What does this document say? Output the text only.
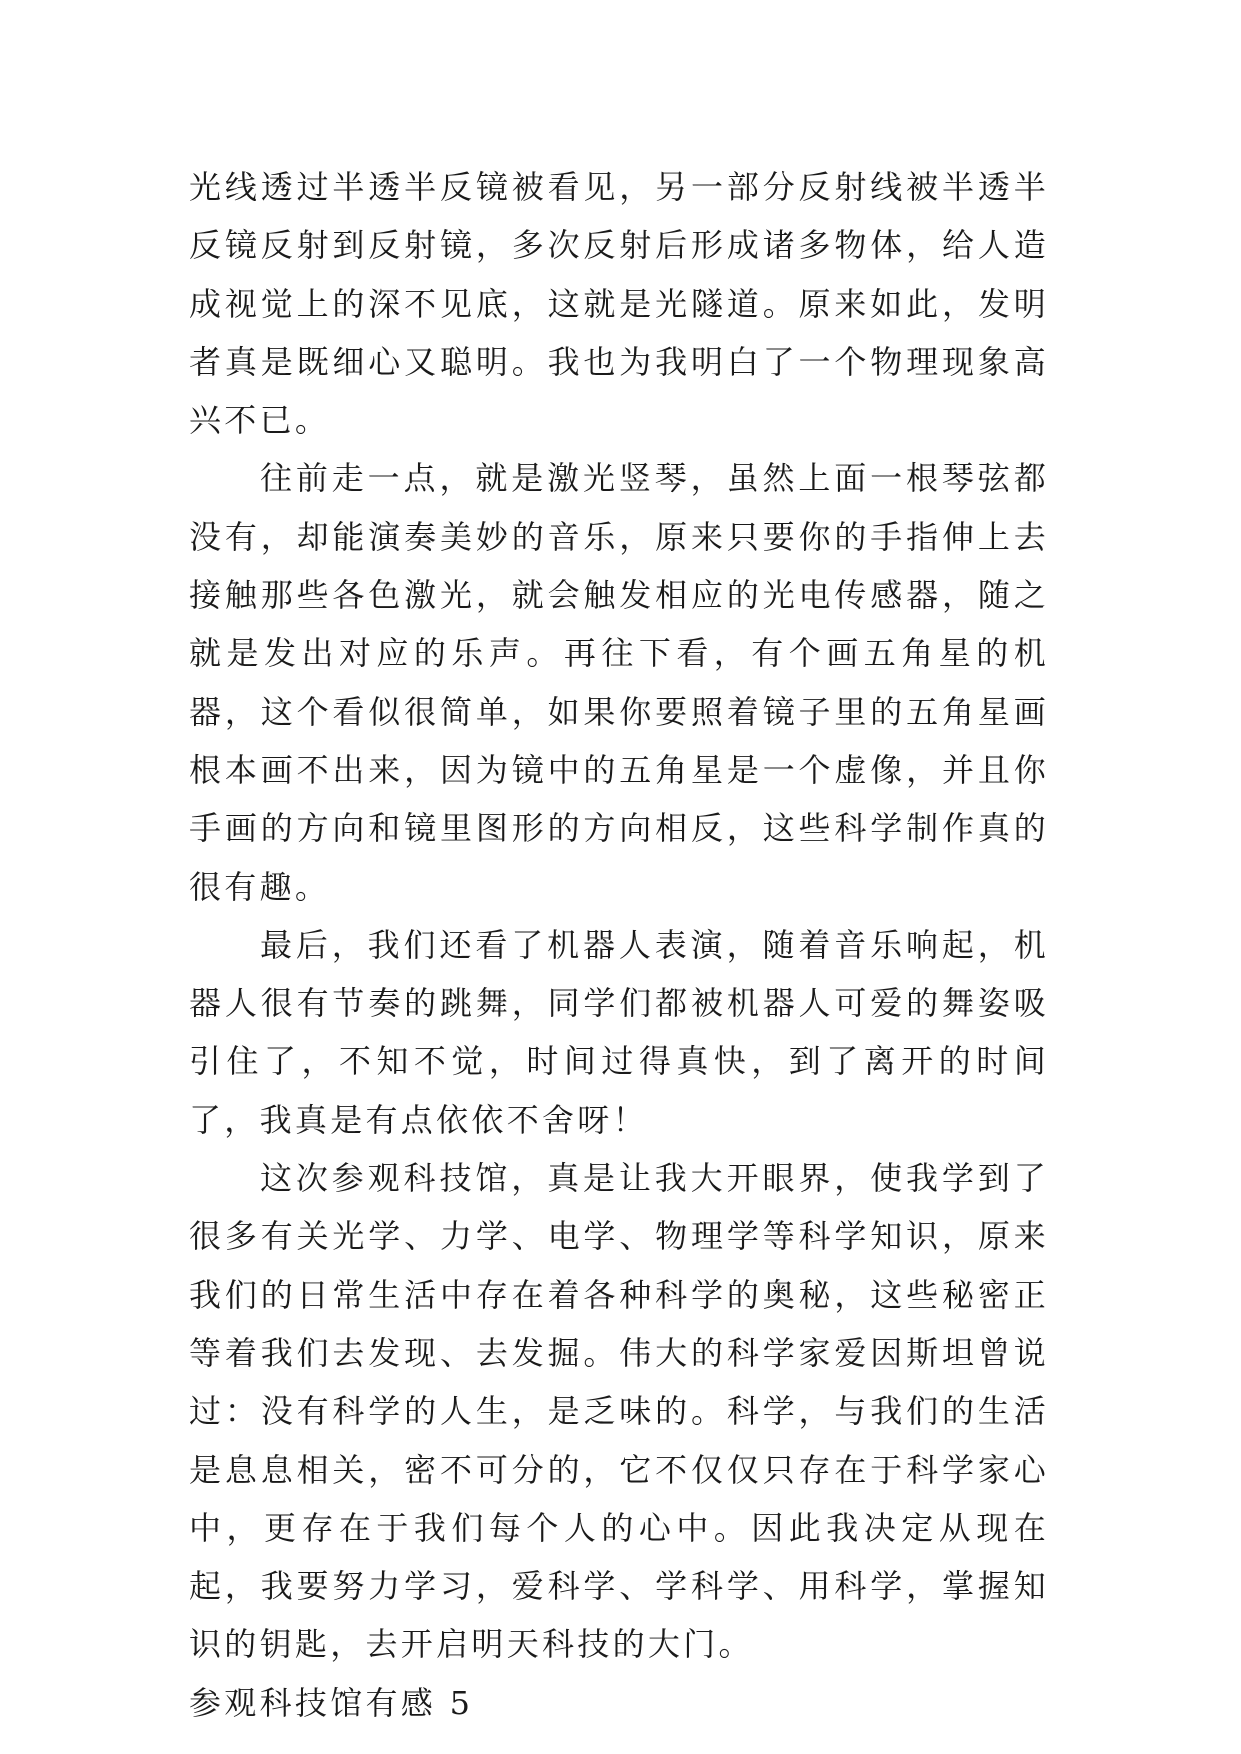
光线透过半透半反镜被看见，另一部分反射线被半透半反镜反射到反射镜，多次反射后形成诸多物体，给人造成视觉上的深不见底，这就是光隧道。原来如此，发明者真是既细心又聪明。我也为我明白了一个物理现象高兴不已。

往前走一点，就是激光竖琴，虽然上面一根琴弦都没有，却能演奏美妙的音乐，原来只要你的手指伸上去接触那些各色激光，就会触发相应的光电传感器，随之就是发出对应的乐声。再往下看，有个画五角星的机器，这个看似很简单，如果你要照着镜子里的五角星画根本画不出来，因为镜中的五角星是一个虚像，并且你手画的方向和镜里图形的方向相反，这些科学制作真的很有趣。

最后，我们还看了机器人表演，随着音乐响起，机器人很有节奏的跳舞，同学们都被机器人可爱的舞姿吸引住了，不知不觉，时间过得真快，到了离开的时间了，我真是有点依依不舍呀！

这次参观科技馆，真是让我大开眼界，使我学到了很多有关光学、力学、电学、物理学等科学知识，原来我们的日常生活中存在着各种科学的奥秘，这些秘密正等着我们去发现、去发掘。伟大的科学家爱因斯坦曾说过：没有科学的人生，是乏味的。科学，与我们的生活是息息相关，密不可分的，它不仅仅只存在于科学家心中，更存在于我们每个人的心中。因此我决定从现在起，我要努力学习，爱科学、学科学、用科学，掌握知识的钥匙，去开启明天科技的大门。

参观科技馆有感 5
